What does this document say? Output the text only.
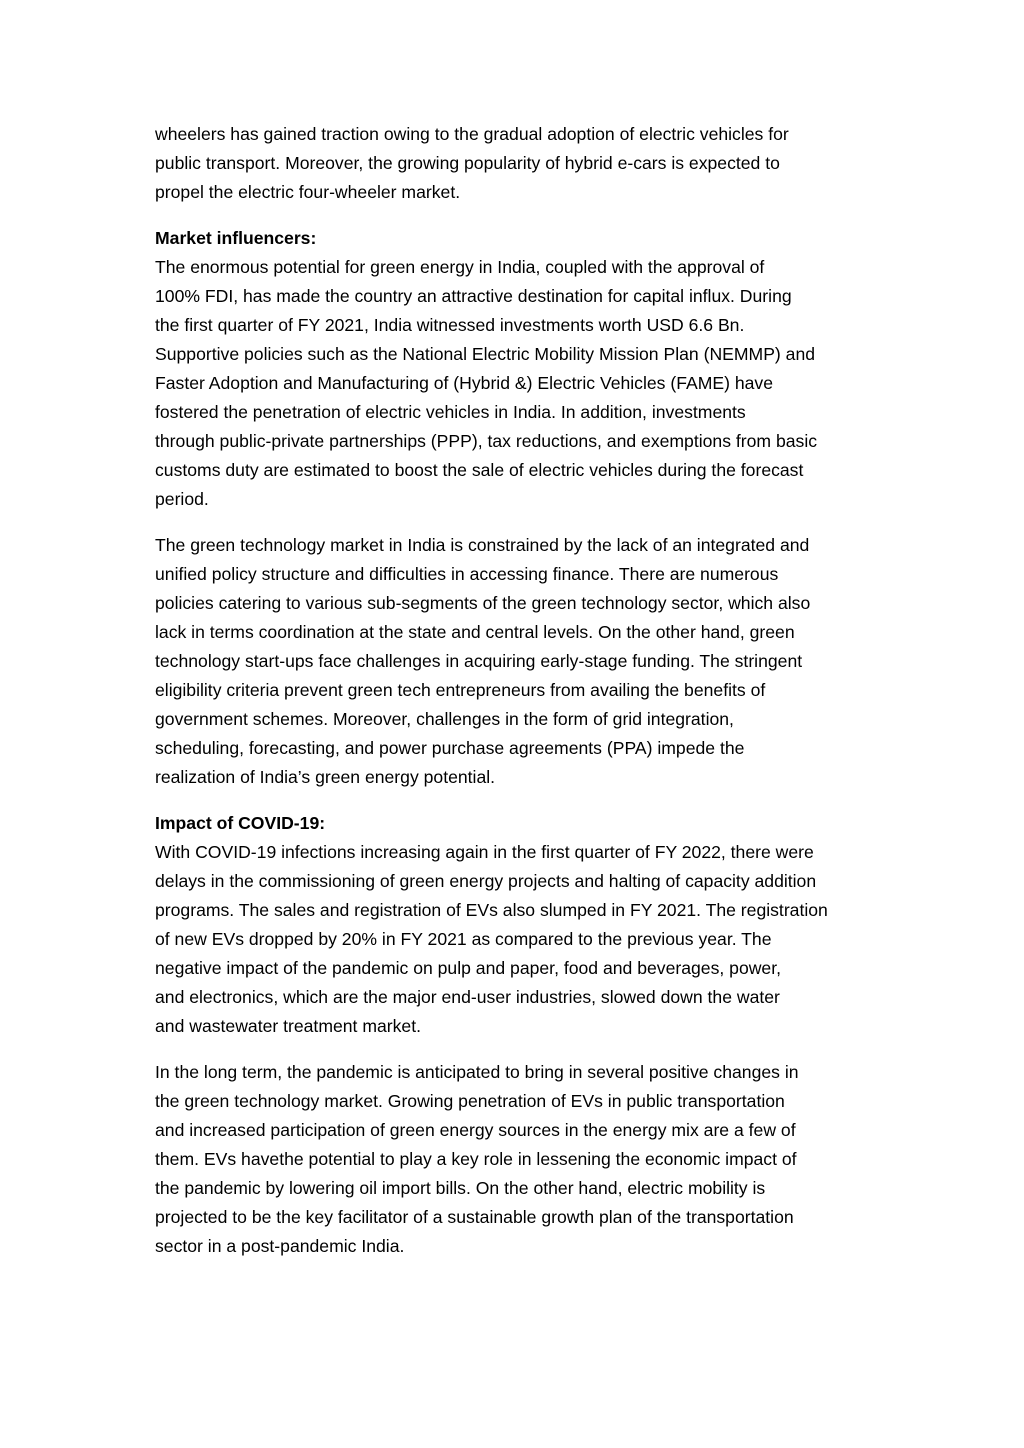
wheelers has gained traction owing to the gradual adoption of electric vehicles for
public transport. Moreover, the growing popularity of hybrid e-cars is expected to
propel the electric four-wheeler market.

Market influencers:

The enormous potential for green energy in India, coupled with the approval of
100% FDI, has made the country an attractive destination for capital influx. During
the first quarter of FY 2021, India witnessed investments worth USD 6.6 Bn.
Supportive policies such as the National Electric Mobility Mission Plan (NEMMP) and
Faster Adoption and Manufacturing of (Hybrid &) Electric Vehicles (FAME) have
fostered the penetration of electric vehicles in India. In addition, investments
through public-private partnerships (PPP), tax reductions, and exemptions from basic
customs duty are estimated to boost the sale of electric vehicles during the forecast
period.

The green technology market in India is constrained by the lack of an integrated and
unified policy structure and difficulties in accessing finance. There are numerous
policies catering to various sub-segments of the green technology sector, which also
lack in terms coordination at the state and central levels. On the other hand, green
technology start-ups face challenges in acquiring early-stage funding. The stringent
eligibility criteria prevent green tech entrepreneurs from availing the benefits of
government schemes. Moreover, challenges in the form of grid integration,
scheduling, forecasting, and power purchase agreements (PPA) impede the
realization of India’s green energy potential.

Impact of COVID-19:

With COVID-19 infections increasing again in the first quarter of FY 2022, there were
delays in the commissioning of green energy projects and halting of capacity addition
programs. The sales and registration of EVs also slumped in FY 2021. The registration
of new EVs dropped by 20% in FY 2021 as compared to the previous year. The
negative impact of the pandemic on pulp and paper, food and beverages, power,
and electronics, which are the major end-user industries, slowed down the water
and wastewater treatment market.

In the long term, the pandemic is anticipated to bring in several positive changes in
the green technology market. Growing penetration of EVs in public transportation
and increased participation of green energy sources in the energy mix are a few of
them. EVs havethe potential to play a key role in lessening the economic impact of
the pandemic by lowering oil import bills. On the other hand, electric mobility is
projected to be the key facilitator of a sustainable growth plan of the transportation
sector in a post-pandemic India.
